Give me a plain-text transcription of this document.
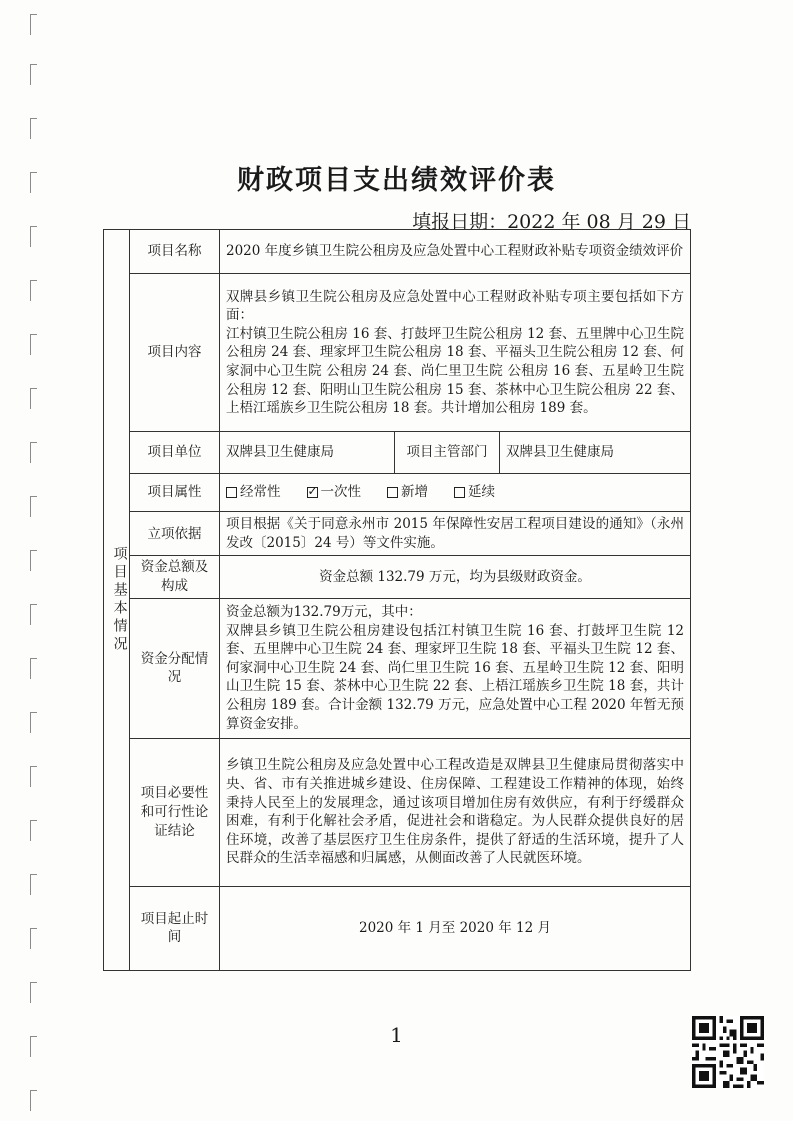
财政项目支出绩效评价表
填报日期：2022 年 08 月 29 日
项目基本情况	项目名称	2020 年度乡镇卫生院公租房及应急处置中心工程财政补贴专项资金绩效评价		
	项目内容	双牌县乡镇卫生院公租房及应急处置中心工程财政补贴专项主要包括如下方面：
江村镇卫生院公租房 16 套、打鼓坪卫生院公租房 12 套、五里牌中心卫生院公租房 24 套、理家坪卫生院公租房 18 套、平福头卫生院公租房 12 套、何家洞中心卫生院 公租房 24 套、尚仁里卫生院 公租房 16 套、五星岭卫生院公租房 12 套、阳明山卫生院公租房 15 套、茶林中心卫生院公租房 22 套、上梧江瑶族乡卫生院公租房 18 套。共计增加公租房 189 套。		
	项目单位	双牌县卫生健康局	项目主管部门	双牌县卫生健康局
	项目属性	经常性 ✓ 一次性 新增 延续

	立项依据	项目根据《关于同意永州市 2015 年保障性安居工程项目建设的通知》（永州发改〔2015〕24 号）等文件实施。		
	资金总额及构成	资金总额 132.79 万元，均为县级财政资金。		
	资金分配情况	资金总额为132.79万元，其中：
双牌县乡镇卫生院公租房建设包括江村镇卫生院 16 套、打鼓坪卫生院 12 套、五里牌中心卫生院 24 套、理家坪卫生院 18 套、平福头卫生院 12 套、何家洞中心卫生院 24 套、尚仁里卫生院 16 套、五星岭卫生院 12 套、阳明山卫生院 15 套、茶林中心卫生院 22 套、上梧江瑶族乡卫生院 18 套，共计公租房 189 套。合计金额 132.79 万元，应急处置中心工程 2020 年暂无预算资金安排。		
	项目必要性和可行性论证结论	乡镇卫生院公租房及应急处置中心工程改造是双牌县卫生健康局贯彻落实中央、省、市有关推进城乡建设、住房保障、工程建设工作精神的体现，始终秉持人民至上的发展理念，通过该项目增加住房有效供应，有利于纾缓群众困难，有利于化解社会矛盾，促进社会和谐稳定。为人民群众提供良好的居住环境，改善了基层医疗卫生住房条件，提供了舒适的生活环境，提升了人民群众的生活幸福感和归属感，从侧面改善了人民就医环境。		
	项目起止时间	2020 年 1 月至 2020 年 12 月		
1
